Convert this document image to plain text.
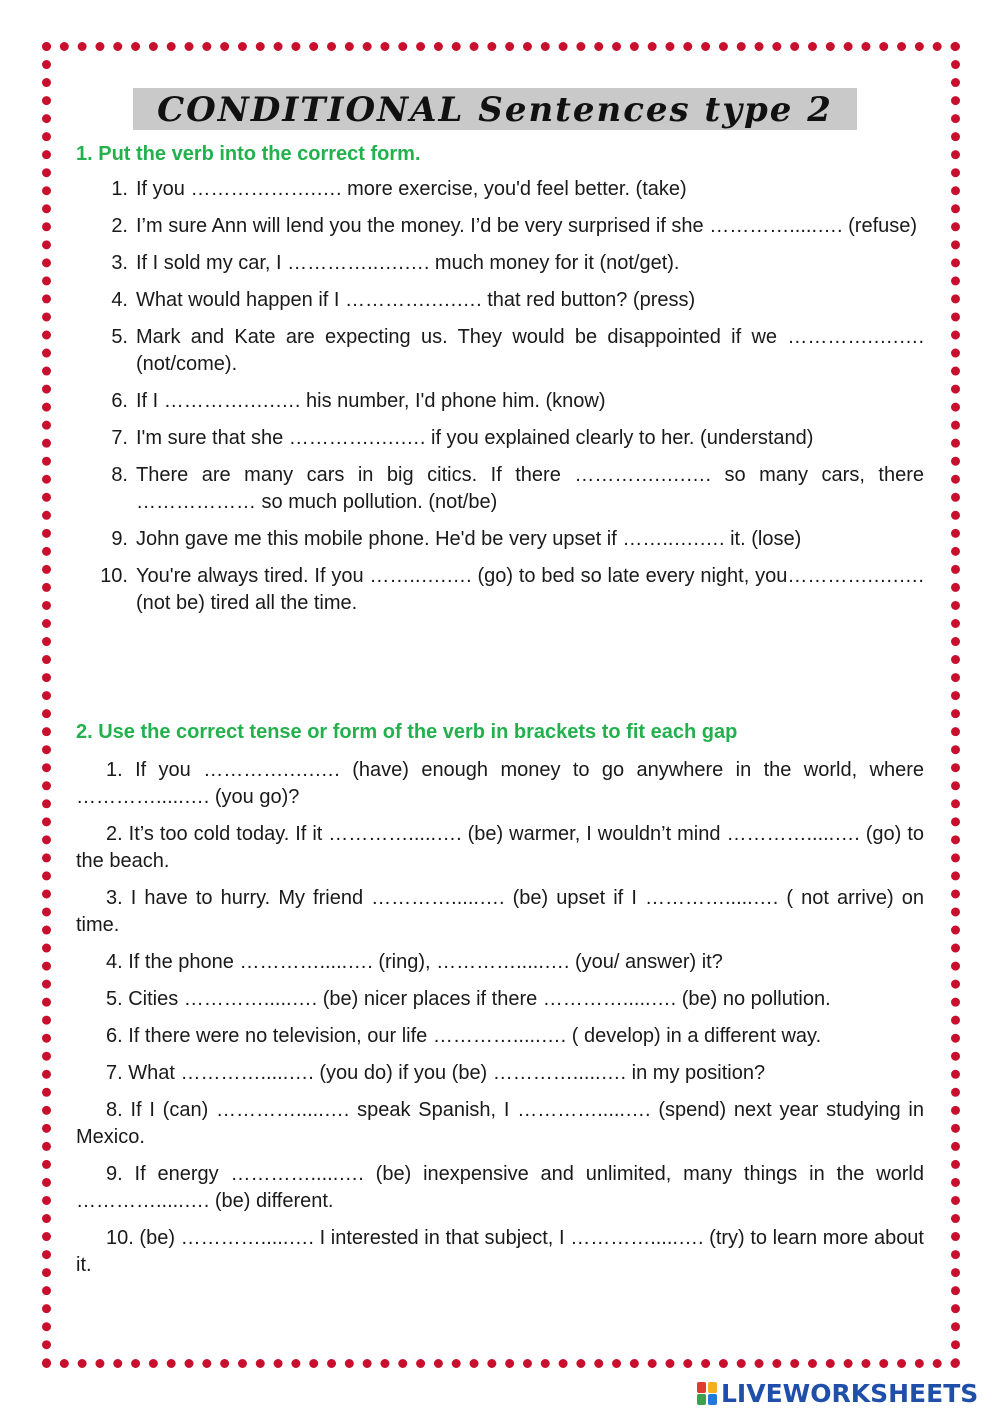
CONDITIONAL Sentences type 2
1. Put the verb into the correct form.
1. If you ……………….…. more exercise, you'd feel better. (take)
2. I’m sure Ann will lend you the money. I’d be very surprised if she ………….....…. (refuse)
3. If I sold my car, I …………..….…. much money for it (not/get).
4. What would happen if I ………….….…. that red button? (press)
5. Mark and Kate are expecting us. They would be disappointed if we ………….….…. (not/come).
6. If I ………….….…. his number, I'd phone him. (know)
7. I'm sure that she ………….….…. if you explained clearly to her. (understand)
8. There are many cars in big citics. If there ………….….…. so many cars, there ……………… so much pollution. (not/be)
9. John gave me this mobile phone. He'd be very upset if ……..….…. it. (lose)
10. You're always tired. If you ……..….…. (go) to bed so late every night, you………….….…. (not be) tired all the time.
2. Use the correct tense or form of the verb in brackets to fit each gap
1. If you ………….….…. (have) enough money to go anywhere in the world, where ………….....…. (you go)?
2. It’s too cold today. If it ………….....…. (be) warmer, I wouldn’t mind ………….....…. (go) to the beach.
3. I have to hurry. My friend ………….....…. (be) upset if I ………….....…. ( not arrive) on time.
4. If the phone ………….....…. (ring), ………….....…. (you/ answer) it?
5. Cities ………….....…. (be) nicer places if there ………….....…. (be) no pollution.
6. If there were no television, our life ………….....…. ( develop) in a different way.
7. What ………….....…. (you do) if you (be) ………….....…. in my position?
8. If I (can) ………….....…. speak Spanish, I ………….....…. (spend) next year studying in Mexico.
9. If energy ………….....…. (be) inexpensive and unlimited, many things in the world ………….....…. (be) different.
10. (be) ………….....…. I interested in that subject, I ………….....…. (try) to learn more about it.
LIVEWORKSHEETS
